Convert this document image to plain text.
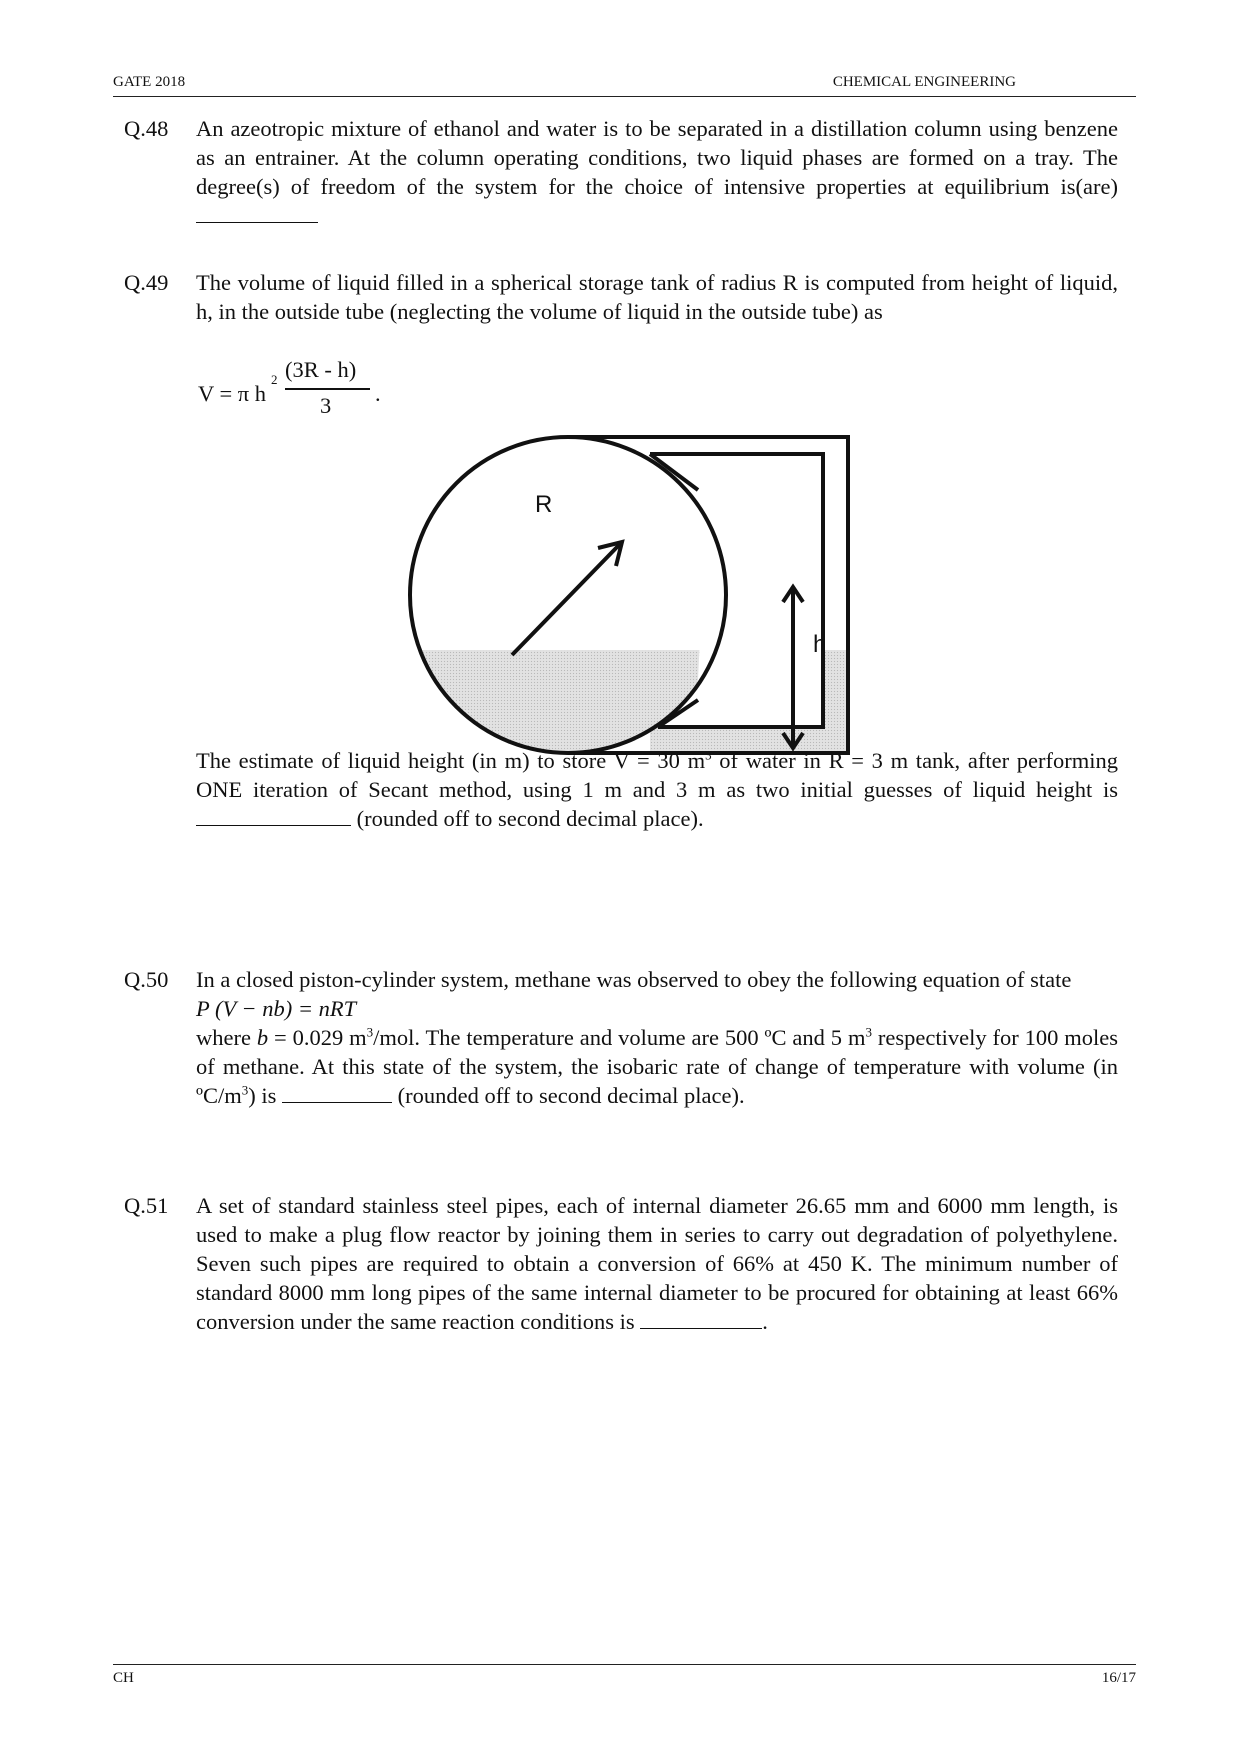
GATE 2018	CHEMICAL ENGINEERING
Q.48 An azeotropic mixture of ethanol and water is to be separated in a distillation column using benzene as an entrainer. At the column operating conditions, two liquid phases are formed on a tray. The degree(s) of freedom of the system for the choice of intensive properties at equilibrium is(are)

Q.49 The volume of liquid filled in a spherical storage tank of radius R is computed from height of liquid, h, in the outside tube (neglecting the volume of liquid in the outside tube) as

V = π h
2 (3R - h)
3 .
R
h

The estimate of liquid height (in m) to store V = 30 $m^3$ of water in R = 3 m tank, after performing ONE iteration of Secant method, using 1 m and 3 m as two initial guesses of liquid height is  (rounded off to second decimal place).

Q.50 In a closed piston-cylinder system, methane was observed to obey the following equation of state

P (V − nb) = nRT

where b = 0.029 $m^3$/mol. The temperature and volume are 500 ºC and 5 $m^3$ respectively for 100 moles of methane. At this state of the system, the isobaric rate of change of temperature with volume (in $ºC/m^3$) is	(rounded off to second decimal place).

Q.51 A set of standard stainless steel pipes, each of internal diameter 26.65 mm and 6000 mm length, is used to make a plug flow reactor by joining them in series to carry out degradation of polyethylene. Seven such pipes are required to obtain a conversion of 66% at 450 K. The minimum number of standard 8000 mm long pipes of the same internal diameter to be procured for obtaining at least 66% conversion under the same reaction conditions is	.

CH	16/17
